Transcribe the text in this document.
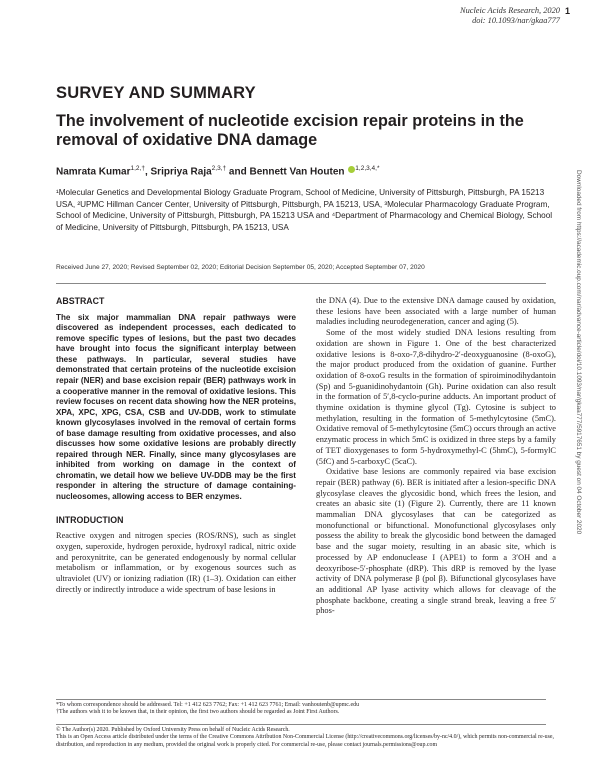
Nucleic Acids Research, 2020
doi: 10.1093/nar/gkaa777
1
SURVEY AND SUMMARY
The involvement of nucleotide excision repair proteins in the removal of oxidative DNA damage
Namrata Kumar$^{1,2,\dagger}$, Sripriya Raja$^{2,3,\dagger}$ and Bennett Van Houten $^{1,2,3,4,*}$

¹Molecular Genetics and Developmental Biology Graduate Program, School of Medicine, University of Pittsburgh, Pittsburgh, PA 15213 USA, ²UPMC Hillman Cancer Center, University of Pittsburgh, Pittsburgh, PA 15213, USA, ³Molecular Pharmacology Graduate Program, School of Medicine, University of Pittsburgh, Pittsburgh, PA 15213 USA and ⁴Department of Pharmacology and Chemical Biology, School of Medicine, University of Pittsburgh, Pittsburgh, PA 15213, USA

Received June 27, 2020; Revised September 02, 2020; Editorial Decision September 05, 2020; Accepted September 07, 2020
ABSTRACT

The six major mammalian DNA repair pathways were discovered as independent processes, each dedicated to remove specific types of lesions, but the past two decades have brought into focus the significant interplay between these pathways. In particular, several studies have demonstrated that certain proteins of the nucleotide excision repair (NER) and base excision repair (BER) pathways work in a cooperative manner in the removal of oxidative lesions. This review focuses on recent data showing how the NER proteins, XPA, XPC, XPG, CSA, CSB and UV-DDB, work to stimulate known glycosylases involved in the removal of certain forms of base damage resulting from oxidative processes, and also discusses how some oxidative lesions are probably directly repaired through NER. Finally, since many glycosylases are inhibited from working on damage in the context of chromatin, we detail how we believe UV-DDB may be the first responder in altering the structure of damage containing-nucleosomes, allowing access to BER enzymes.

INTRODUCTION

Reactive oxygen and nitrogen species (ROS/RNS), such as singlet oxygen, superoxide, hydrogen peroxide, hydroxyl radical, nitric oxide and peroxynitrite, can be generated endogenously by normal cellular metabolism or inflammation, or by exogenous sources such as ultraviolet (UV) or ionizing radiation (IR) (1–3). Oxidation can either directly or indirectly introduce a wide spectrum of base lesions in

the DNA (4). Due to the extensive DNA damage caused by oxidation, these lesions have been associated with a large number of human maladies including neurodegeneration, cancer and aging (5).

Some of the most widely studied DNA lesions resulting from oxidation are shown in Figure 1. One of the best characterized oxidative lesions is 8-oxo-7,8-dihydro-2′-deoxyguanosine (8-oxoG), the major product produced from the oxidation of guanine. Further oxidation of 8-oxoG results in the formation of spiroiminodihydantoin (Sp) and 5-guanidinohydantoin (Gh). Purine oxidation can also result in the formation of 5′,8-cyclo-purine adducts. An important product of thymine oxidation is thymine glycol (Tg). Cytosine is subject to methylation, resulting in the formation of 5-methylcytosine (5mC). Oxidative removal of 5-methylcytosine (5mC) occurs through an active enzymatic process in which 5mC is oxidized in three steps by a family of TET dioxygenases to form 5-hydroxymethyl-C (5hmC), 5-formylC (5fC) and 5-carboxyC (5caC).

Oxidative base lesions are commonly repaired via base excision repair (BER) pathway (6). BER is initiated after a lesion-specific DNA glycosylase cleaves the glycosidic bond, which frees the lesion, and creates an abasic site (1) (Figure 2). Currently, there are 11 known mammalian DNA glycosylases that can be categorized as monofunctional or bifunctional. Monofunctional glycosylases only possess the ability to break the glycosidic bond between the damaged base and the sugar moiety, resulting in an abasic site, which is processed by AP endonuclease I (APE1) to form a 3′OH and a deoxyribose-5′-phosphate (dRP). This dRP is removed by the lyase activity of DNA polymerase β (pol β). Bifunctional glycosylases have an additional AP lyase activity which allows for cleavage of the phosphate backbone, creating a single strand break, leaving a free 5′ phos-

*To whom correspondence should be addressed. Tel: +1 412 623 7762; Fax: +1 412 623 7761; Email: vanhoutenb@upmc.edu

†The authors wish it to be known that, in their opinion, the first two authors should be regarded as Joint First Authors.

© The Author(s) 2020. Published by Oxford University Press on behalf of Nucleic Acids Research.

This is an Open Access article distributed under the terms of the Creative Commons Attribution Non-Commercial License (http://creativecommons.org/licenses/by-nc/4.0/), which permits non-commercial re-use, distribution, and reproduction in any medium, provided the original work is properly cited. For commercial re-use, please contact journals.permissions@oup.com

Downloaded from https://academic.oup.com/nar/advance-article/doi/10.1093/nar/gkaa777/5917651 by guest on 04 October 2020
